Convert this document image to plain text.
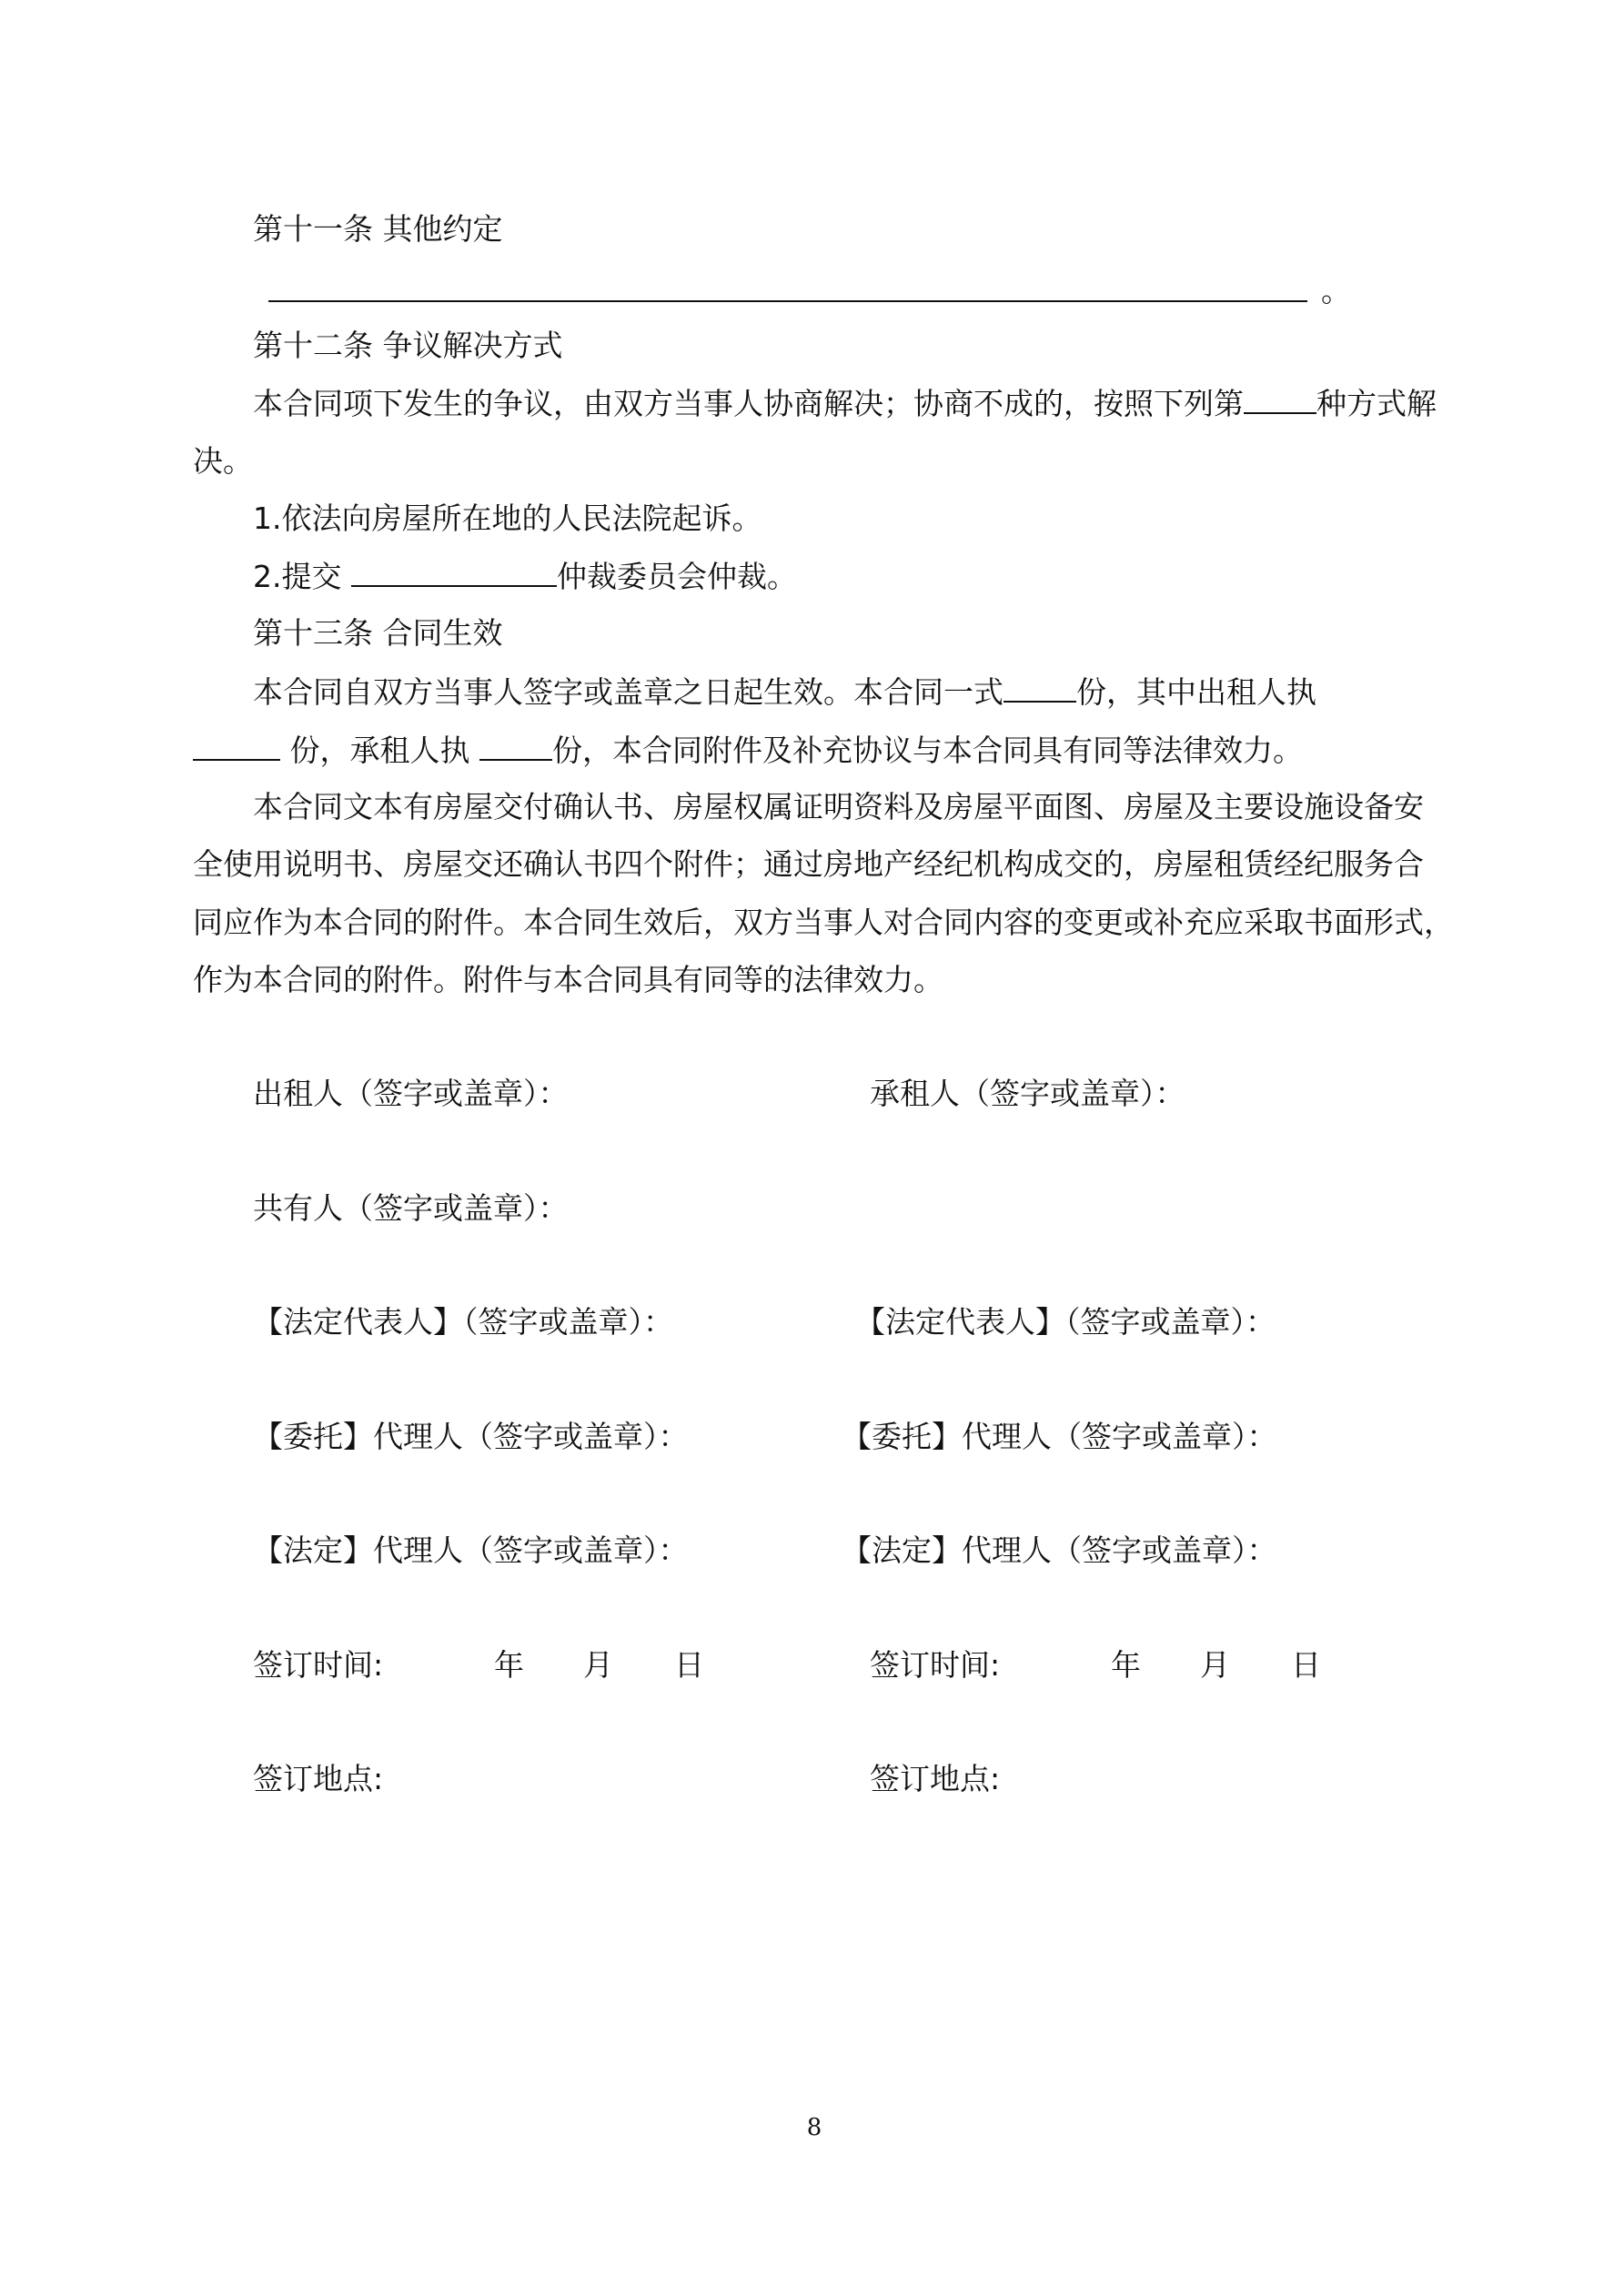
第十一条 其他约定
。
第十二条 争议解决方式
本合同项下发生的争议，由双方当事人协商解决；协商不成的，按照下列第 种方式解
决。
1.依法向房屋所在地的人民法院起诉。
2.提交	仲裁委员会仲裁。
第十三条 合同生效
本合同自双方当事人签字或盖章之日起生效。本合同一式 份，其中出租人执
份，承租人执 份，本合同附件及补充协议与本合同具有同等法律效力。
本合同文本有房屋交付确认书、房屋权属证明资料及房屋平面图、房屋及主要设施设备安
全使用说明书、房屋交还确认书四个附件；通过房地产经纪机构成交的，房屋租赁经纪服务合
同应作为本合同的附件。本合同生效后，双方当事人对合同内容的变更或补充应采取书面形式，
作为本合同的附件。附件与本合同具有同等的法律效力。
出租人（签字或盖章）：	承租人（签字或盖章）：
共有人（签字或盖章）：
【法定代表人】（签字或盖章）：	【法定代表人】（签字或盖章）：
【委托】代理人（签字或盖章）：	【委托】代理人（签字或盖章）：
【法定】代理人（签字或盖章）：	【法定】代理人（签字或盖章）：
签订时间:	年 月 日	签订时间:	年 月 日
签订地点:	签订地点:
8
